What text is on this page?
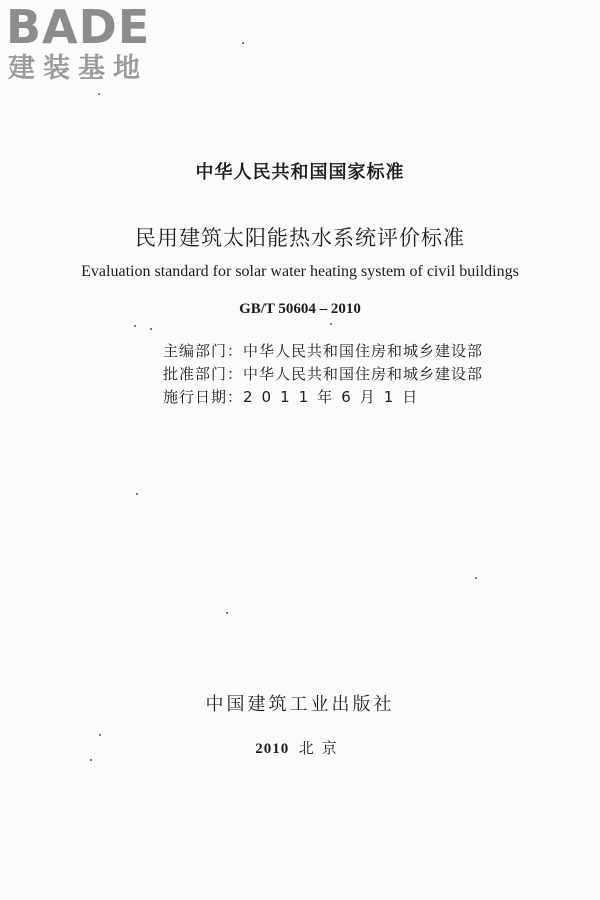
BADE
建装基地
中华人民共和国国家标准
民用建筑太阳能热水系统评价标准
Evaluation standard for solar water heating system of civil buildings
GB/T 50604 – 2010
主编部门：中华人民共和国住房和城乡建设部
批准部门：中华人民共和国住房和城乡建设部
施行日期：2011年6月1日
中国建筑工业出版社
2010 北京
